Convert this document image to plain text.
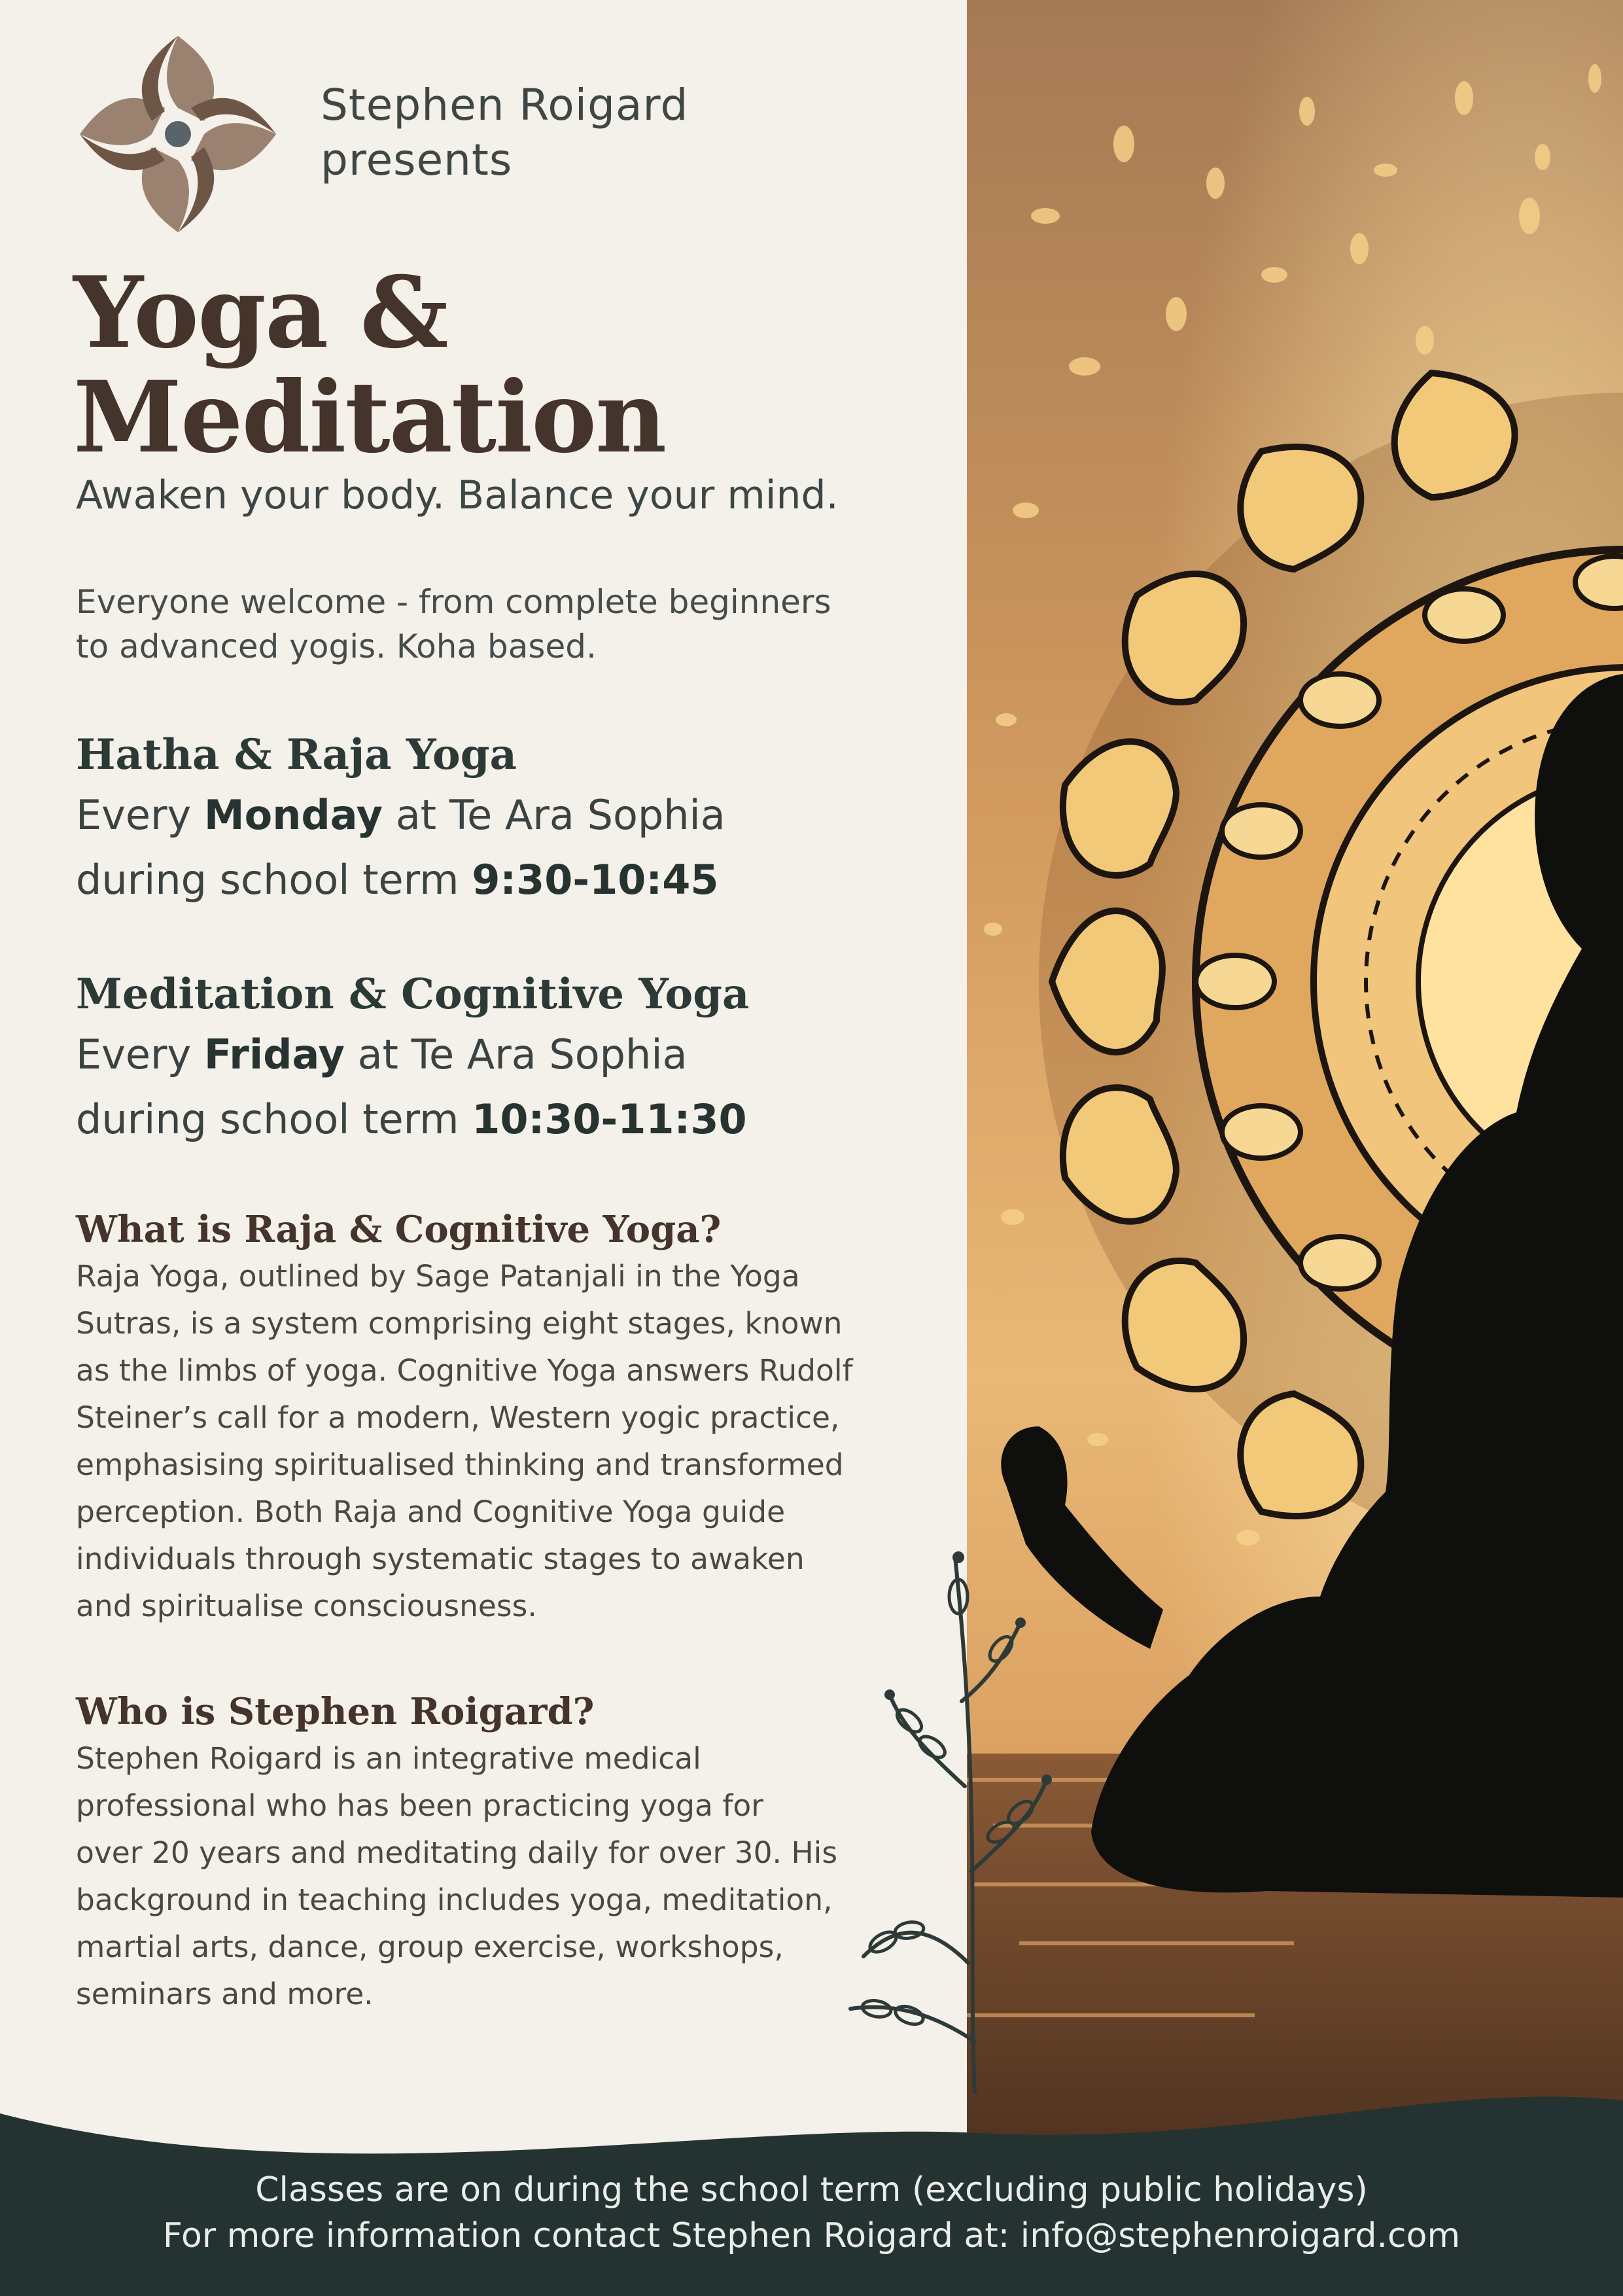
Stephen Roigard
presents
Yoga &
Meditation
Awaken your body. Balance your mind.
Everyone welcome - from complete beginners
to advanced yogis. Koha based.
Hatha & Raja Yoga

Every Monday at Te Ara Sophia

during school term 9:30-10:45

Meditation & Cognitive Yoga

Every Friday at Te Ara Sophia

during school term 10:30-11:30

What is Raja & Cognitive Yoga?

Raja Yoga, outlined by Sage Patanjali in the Yoga
Sutras, is a system comprising eight stages, known
as the limbs of yoga. Cognitive Yoga answers Rudolf
Steiner’s call for a modern, Western yogic practice,
emphasising spiritualised thinking and transformed
perception. Both Raja and Cognitive Yoga guide
individuals through systematic stages to awaken
and spiritualise consciousness.

Who is Stephen Roigard?

Stephen Roigard is an integrative medical
professional who has been practicing yoga for
over 20 years and meditating daily for over 30. His
background in teaching includes yoga, meditation,
martial arts, dance, group exercise, workshops,
seminars and more.

Classes are on during the school term (excluding public holidays)
For more information contact Stephen Roigard at: info@stephenroigard.com
